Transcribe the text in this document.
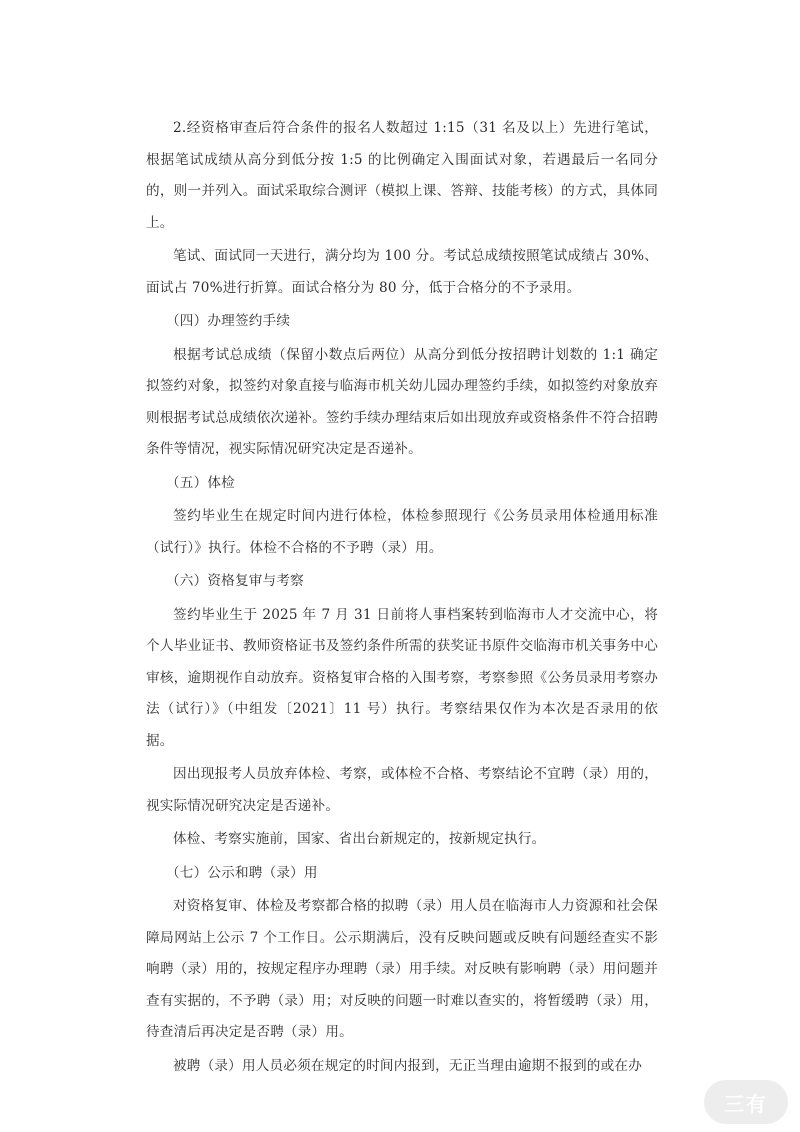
2.经资格审查后符合条件的报名人数超过 1:15（31 名及以上）先进行笔试，根据笔试成绩从高分到低分按 1:5 的比例确定入围面试对象，若遇最后一名同分的，则一并列入。面试采取综合测评（模拟上课、答辩、技能考核）的方式，具体同上。

笔试、面试同一天进行，满分均为 100 分。考试总成绩按照笔试成绩占 30%、面试占 70%进行折算。面试合格分为 80 分，低于合格分的不予录用。

（四）办理签约手续

根据考试总成绩（保留小数点后两位）从高分到低分按招聘计划数的 1:1 确定拟签约对象，拟签约对象直接与临海市机关幼儿园办理签约手续，如拟签约对象放弃则根据考试总成绩依次递补。签约手续办理结束后如出现放弃或资格条件不符合招聘条件等情况，视实际情况研究决定是否递补。

（五）体检

签约毕业生在规定时间内进行体检，体检参照现行《公务员录用体检通用标准（试行）》执行。体检不合格的不予聘（录）用。

（六）资格复审与考察

签约毕业生于 2025 年 7 月 31 日前将人事档案转到临海市人才交流中心，将个人毕业证书、教师资格证书及签约条件所需的获奖证书原件交临海市机关事务中心审核，逾期视作自动放弃。资格复审合格的入围考察，考察参照《公务员录用考察办法（试行）》（中组发〔2021〕11 号）执行。考察结果仅作为本次是否录用的依据。

因出现报考人员放弃体检、考察，或体检不合格、考察结论不宜聘（录）用的，视实际情况研究决定是否递补。

体检、考察实施前，国家、省出台新规定的，按新规定执行。

（七）公示和聘（录）用

对资格复审、体检及考察都合格的拟聘（录）用人员在临海市人力资源和社会保障局网站上公示 7 个工作日。公示期满后，没有反映问题或反映有问题经查实不影响聘（录）用的，按规定程序办理聘（录）用手续。对反映有影响聘（录）用问题并查有实据的，不予聘（录）用；对反映的问题一时难以查实的，将暂缓聘（录）用，待查清后再决定是否聘（录）用。

被聘（录）用人员必须在规定的时间内报到，无正当理由逾期不报到的或在办

三有
